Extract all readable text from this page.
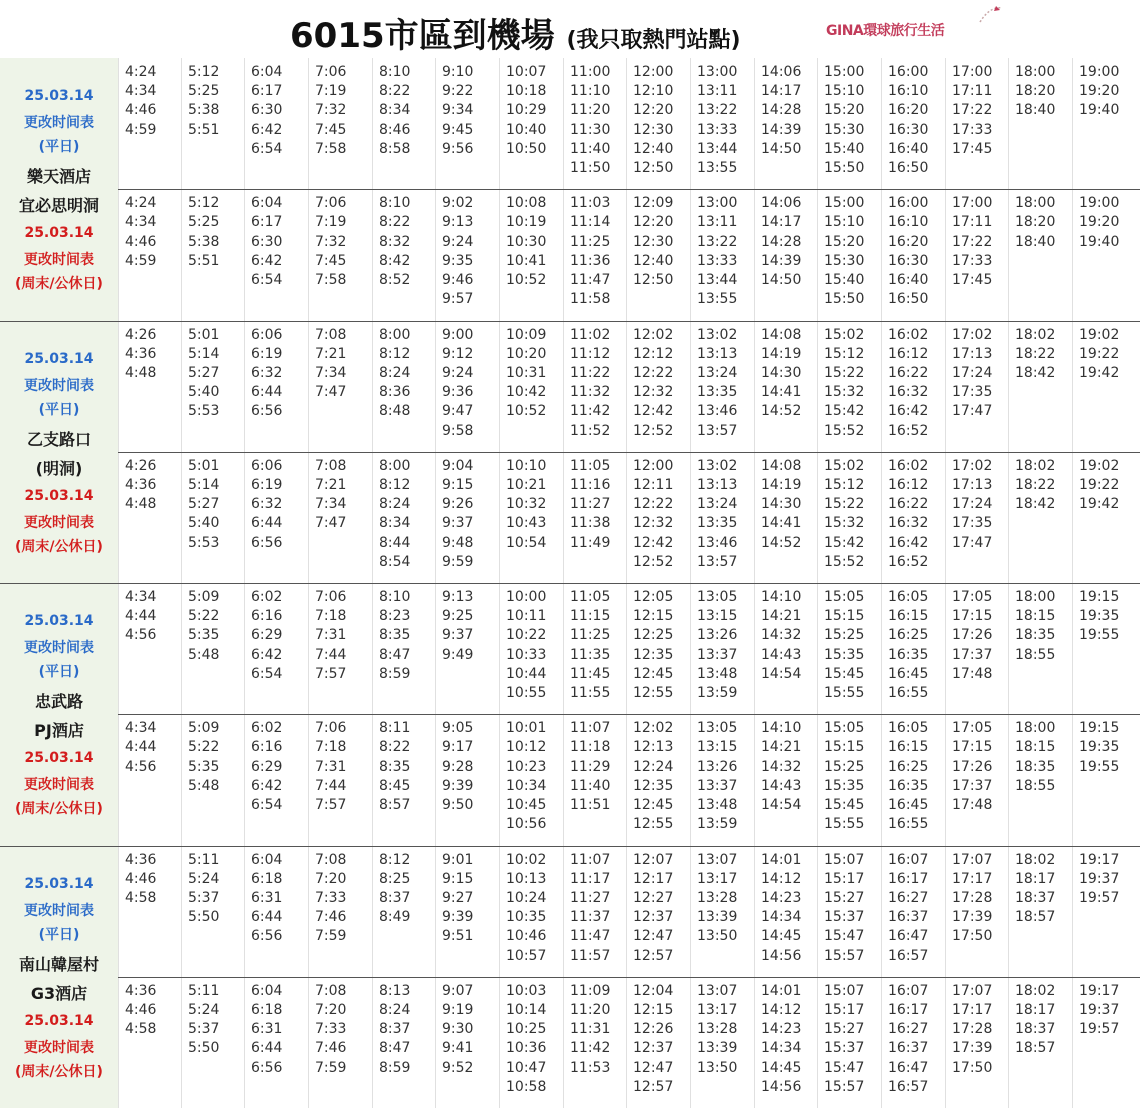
6015市區到機場 (我只取熱門站點)	GINA環球旅行生活
樂天酒店
25.03.14
更改时间表
(平日)
4:24
4:34
4:46
4:59
5:12
5:25
5:38
5:51
6:04
6:17
6:30
6:42
6:54
7:06
7:19
7:32
7:45
7:58
8:10
8:22
8:34
8:46
8:58
9:10
9:22
9:34
9:45
9:56
10:07
10:18
10:29
10:40
10:50
11:00
11:10
11:20
11:30
11:40
11:50
12:00
12:10
12:20
12:30
12:40
12:50
13:00
13:11
13:22
13:33
13:44
13:55
14:06
14:17
14:28
14:39
14:50
15:00
15:10
15:20
15:30
15:40
15:50
16:00
16:10
16:20
16:30
16:40
16:50
17:00
17:11
17:22
17:33
17:45
18:00
18:20
18:40
19:00
19:20
19:40
宜必思明洞
25.03.14
更改时间表
(周末/公休日)
4:24
4:34
4:46
4:59
5:12
5:25
5:38
5:51
6:04
6:17
6:30
6:42
6:54
7:06
7:19
7:32
7:45
7:58
8:10
8:22
8:32
8:42
8:52
9:02
9:13
9:24
9:35
9:46
9:57
10:08
10:19
10:30
10:41
10:52
11:03
11:14
11:25
11:36
11:47
11:58
12:09
12:20
12:30
12:40
12:50
13:00
13:11
13:22
13:33
13:44
13:55
14:06
14:17
14:28
14:39
14:50
15:00
15:10
15:20
15:30
15:40
15:50
16:00
16:10
16:20
16:30
16:40
16:50
17:00
17:11
17:22
17:33
17:45
18:00
18:20
18:40
19:00
19:20
19:40
乙支路口
25.03.14
更改时间表
(平日)
4:26
4:36
4:48
5:01
5:14
5:27
5:40
5:53
6:06
6:19
6:32
6:44
6:56
7:08
7:21
7:34
7:47
8:00
8:12
8:24
8:36
8:48
9:00
9:12
9:24
9:36
9:47
9:58
10:09
10:20
10:31
10:42
10:52
11:02
11:12
11:22
11:32
11:42
11:52
12:02
12:12
12:22
12:32
12:42
12:52
13:02
13:13
13:24
13:35
13:46
13:57
14:08
14:19
14:30
14:41
14:52
15:02
15:12
15:22
15:32
15:42
15:52
16:02
16:12
16:22
16:32
16:42
16:52
17:02
17:13
17:24
17:35
17:47
18:02
18:22
18:42
19:02
19:22
19:42
(明洞)
25.03.14
更改时间表
(周末/公休日)
4:26
4:36
4:48
5:01
5:14
5:27
5:40
5:53
6:06
6:19
6:32
6:44
6:56
7:08
7:21
7:34
7:47
8:00
8:12
8:24
8:34
8:44
8:54
9:04
9:15
9:26
9:37
9:48
9:59
10:10
10:21
10:32
10:43
10:54
11:05
11:16
11:27
11:38
11:49
12:00
12:11
12:22
12:32
12:42
12:52
13:02
13:13
13:24
13:35
13:46
13:57
14:08
14:19
14:30
14:41
14:52
15:02
15:12
15:22
15:32
15:42
15:52
16:02
16:12
16:22
16:32
16:42
16:52
17:02
17:13
17:24
17:35
17:47
18:02
18:22
18:42
19:02
19:22
19:42
忠武路
25.03.14
更改时间表
(平日)
4:34
4:44
4:56
5:09
5:22
5:35
5:48
6:02
6:16
6:29
6:42
6:54
7:06
7:18
7:31
7:44
7:57
8:10
8:23
8:35
8:47
8:59
9:13
9:25
9:37
9:49
10:00
10:11
10:22
10:33
10:44
10:55
11:05
11:15
11:25
11:35
11:45
11:55
12:05
12:15
12:25
12:35
12:45
12:55
13:05
13:15
13:26
13:37
13:48
13:59
14:10
14:21
14:32
14:43
14:54
15:05
15:15
15:25
15:35
15:45
15:55
16:05
16:15
16:25
16:35
16:45
16:55
17:05
17:15
17:26
17:37
17:48
18:00
18:15
18:35
18:55
19:15
19:35
19:55
PJ酒店
25.03.14
更改时间表
(周末/公休日)
4:34
4:44
4:56
5:09
5:22
5:35
5:48
6:02
6:16
6:29
6:42
6:54
7:06
7:18
7:31
7:44
7:57
8:11
8:22
8:35
8:45
8:57
9:05
9:17
9:28
9:39
9:50
10:01
10:12
10:23
10:34
10:45
10:56
11:07
11:18
11:29
11:40
11:51
12:02
12:13
12:24
12:35
12:45
12:55
13:05
13:15
13:26
13:37
13:48
13:59
14:10
14:21
14:32
14:43
14:54
15:05
15:15
15:25
15:35
15:45
15:55
16:05
16:15
16:25
16:35
16:45
16:55
17:05
17:15
17:26
17:37
17:48
18:00
18:15
18:35
18:55
19:15
19:35
19:55
南山韓屋村
25.03.14
更改时间表
(平日)
4:36
4:46
4:58
5:11
5:24
5:37
5:50
6:04
6:18
6:31
6:44
6:56
7:08
7:20
7:33
7:46
7:59
8:12
8:25
8:37
8:49
9:01
9:15
9:27
9:39
9:51
10:02
10:13
10:24
10:35
10:46
10:57
11:07
11:17
11:27
11:37
11:47
11:57
12:07
12:17
12:27
12:37
12:47
12:57
13:07
13:17
13:28
13:39
13:50
14:01
14:12
14:23
14:34
14:45
14:56
15:07
15:17
15:27
15:37
15:47
15:57
16:07
16:17
16:27
16:37
16:47
16:57
17:07
17:17
17:28
17:39
17:50
18:02
18:17
18:37
18:57
19:17
19:37
19:57
G3酒店
25.03.14
更改时间表
(周末/公休日)
4:36
4:46
4:58
5:11
5:24
5:37
5:50
6:04
6:18
6:31
6:44
6:56
7:08
7:20
7:33
7:46
7:59
8:13
8:24
8:37
8:47
8:59
9:07
9:19
9:30
9:41
9:52
10:03
10:14
10:25
10:36
10:47
10:58
11:09
11:20
11:31
11:42
11:53
12:04
12:15
12:26
12:37
12:47
12:57
13:07
13:17
13:28
13:39
13:50
14:01
14:12
14:23
14:34
14:45
14:56
15:07
15:17
15:27
15:37
15:47
15:57
16:07
16:17
16:27
16:37
16:47
16:57
17:07
17:17
17:28
17:39
17:50
18:02
18:17
18:37
18:57
19:17
19:37
19:57
